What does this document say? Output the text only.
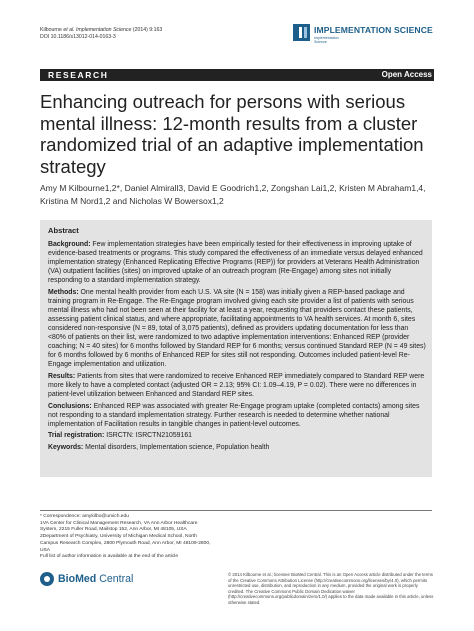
Kilbourne et al. Implementation Science (2014) 9:163
DOI 10.1186/s13012-014-0163-3
IMPLEMENTATION SCIENCE
Implementation
Science
RESEARCH	Open Access
Enhancing outreach for persons with serious mental illness: 12-month results from a cluster randomized trial of an adaptive implementation strategy
Amy M Kilbourne1,2*, Daniel Almirall3, David E Goodrich1,2, Zongshan Lai1,2, Kristen M Abraham1,4, Kristina M Nord1,2 and Nicholas W Bowersox1,2
Abstract

Background: Few implementation strategies have been empirically tested for their effectiveness in improving uptake of evidence-based treatments or programs. This study compared the effectiveness of an immediate versus delayed enhanced implementation strategy (Enhanced Replicating Effective Programs (REP)) for providers at Veterans Health Administration (VA) outpatient facilities (sites) on improved uptake of an outreach program (Re-Engage) among sites not initially responding to a standard implementation strategy.

Methods: One mental health provider from each U.S. VA site (N = 158) was initially given a REP-based package and training program in Re-Engage. The Re-Engage program involved giving each site provider a list of patients with serious mental illness who had not been seen at their facility for at least a year, requesting that providers contact these patients, assessing patient clinical status, and where appropriate, facilitating appointments to VA health services. At month 6, sites considered non-responsive (N = 89, total of 3,075 patients), defined as providers updating documentation for less than <80% of patients on their list, were randomized to two adaptive implementation interventions: Enhanced REP (provider coaching; N = 40 sites) for 6 months followed by Standard REP for 6 months; versus continued Standard REP (N = 49 sites) for 6 months followed by 6 months of Enhanced REP for sites still not responding. Outcomes included patient-level Re-Engage implementation and utilization.

Results: Patients from sites that were randomized to receive Enhanced REP immediately compared to Standard REP were more likely to have a completed contact (adjusted OR = 2.13; 95% CI: 1.09–4.19, P = 0.02). There were no differences in patient-level utilization between Enhanced and Standard REP sites.

Conclusions: Enhanced REP was associated with greater Re-Engage program uptake (completed contacts) among sites not responding to a standard implementation strategy. Further research is needed to determine whether national implementation of Facilitation results in tangible changes in patient-level outcomes.

Trial registration: ISRCTN: ISRCTN21059161

Keywords: Mental disorders, Implementation science, Population health

* Correspondence: amykilbo@umich.edu
1VA Center for Clinical Management Research, VA Ann Arbor Healthcare System, 2215 Fuller Road, Mailstop 152, Ann Arbor, MI 48105, USA
2Department of Psychiatry, University of Michigan Medical School, North Campus Research Complex, 2800 Plymouth Road, Ann Arbor, MI 48109-2800, USA
Full list of author information is available at the end of the article
BioMed Central	© 2014 Kilbourne et al.; licensee BioMed Central. This is an Open Access article distributed under the terms of the Creative Commons Attribution License (http://creativecommons.org/licenses/by/4.0), which permits unrestricted use, distribution, and reproduction in any medium, provided the original work is properly credited. The Creative Commons Public Domain Dedication waiver (http://creativecommons.org/publicdomain/zero/1.0/) applies to the data made available in this article, unless otherwise stated.
